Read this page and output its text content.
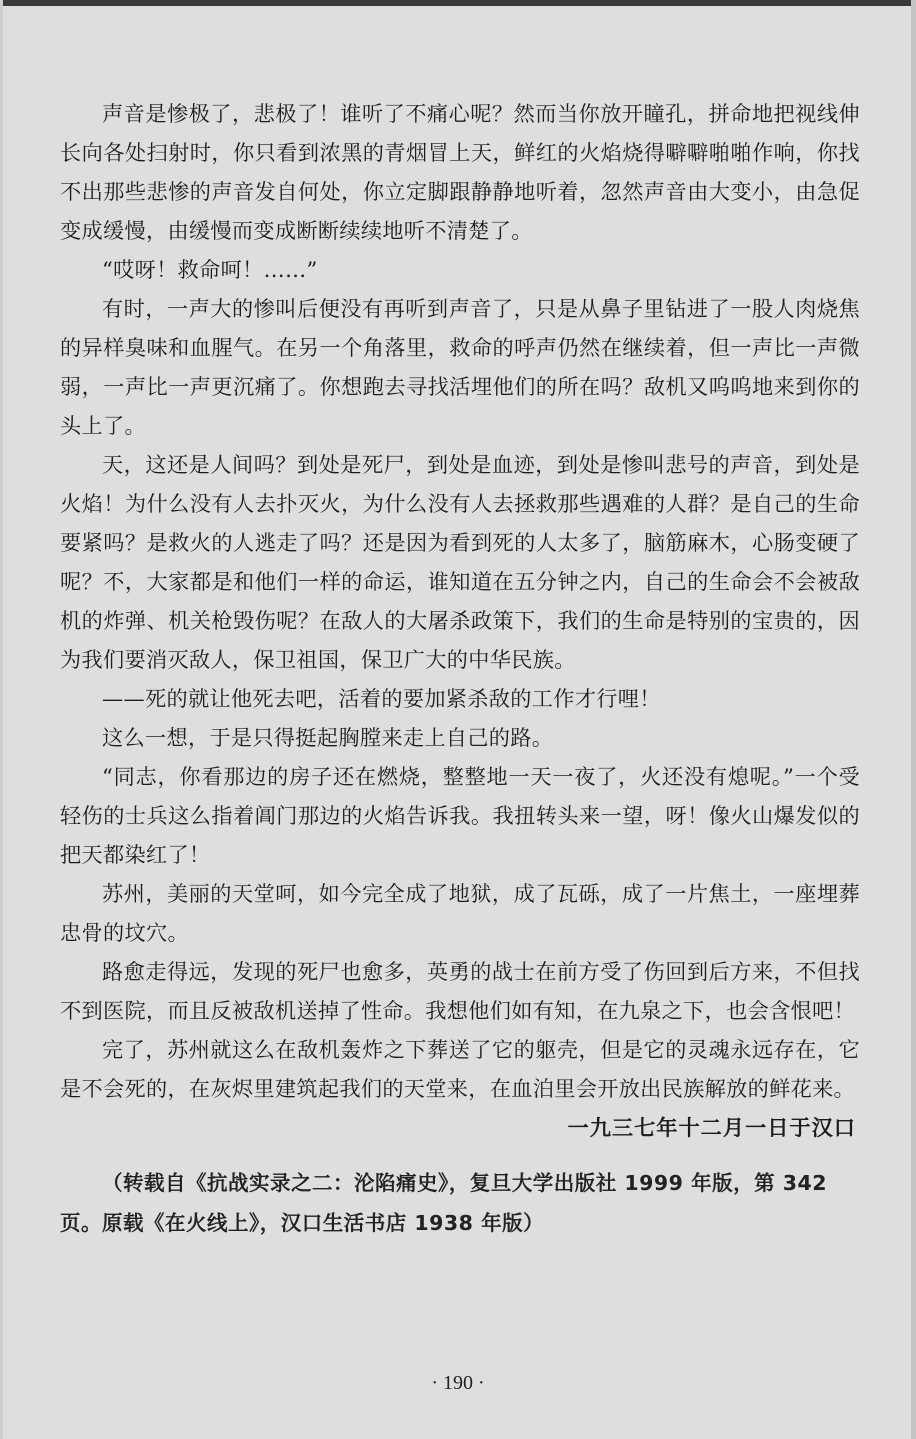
声音是惨极了，悲极了！谁听了不痛心呢？然而当你放开瞳孔，拼命地把视线伸长向各处扫射时，你只看到浓黑的青烟冒上天，鲜红的火焰烧得噼噼啪啪作响，你找不出那些悲惨的声音发自何处，你立定脚跟静静地听着，忽然声音由大变小，由急促变成缓慢，由缓慢而变成断断续续地听不清楚了。

“哎呀！救命呵！……”

有时，一声大的惨叫后便没有再听到声音了，只是从鼻子里钻进了一股人肉烧焦的异样臭味和血腥气。在另一个角落里，救命的呼声仍然在继续着，但一声比一声微弱，一声比一声更沉痛了。你想跑去寻找活埋他们的所在吗？敌机又呜呜地来到你的头上了。

天，这还是人间吗？到处是死尸，到处是血迹，到处是惨叫悲号的声音，到处是火焰！为什么没有人去扑灭火，为什么没有人去拯救那些遇难的人群？是自己的生命要紧吗？是救火的人逃走了吗？还是因为看到死的人太多了，脑筋麻木，心肠变硬了呢？不，大家都是和他们一样的命运，谁知道在五分钟之内，自己的生命会不会被敌机的炸弹、机关枪毁伤呢？在敌人的大屠杀政策下，我们的生命是特别的宝贵的，因为我们要消灭敌人，保卫祖国，保卫广大的中华民族。

——死的就让他死去吧，活着的要加紧杀敌的工作才行哩！

这么一想，于是只得挺起胸膛来走上自己的路。

“同志，你看那边的房子还在燃烧，整整地一天一夜了，火还没有熄呢。”一个受轻伤的士兵这么指着阊门那边的火焰告诉我。我扭转头来一望，呀！像火山爆发似的把天都染红了！

苏州，美丽的天堂呵，如今完全成了地狱，成了瓦砾，成了一片焦土，一座埋葬忠骨的坟穴。

路愈走得远，发现的死尸也愈多，英勇的战士在前方受了伤回到后方来，不但找不到医院，而且反被敌机送掉了性命。我想他们如有知，在九泉之下，也会含恨吧！

完了，苏州就这么在敌机轰炸之下葬送了它的躯壳，但是它的灵魂永远存在，它是不会死的，在灰烬里建筑起我们的天堂来，在血泊里会开放出民族解放的鲜花来。

一九三七年十二月一日于汉口

（转载自《抗战实录之二：沦陷痛史》，复旦大学出版社 1999 年版，第 342 页。原载《在火线上》，汉口生活书店 1938 年版）

· 190 ·
